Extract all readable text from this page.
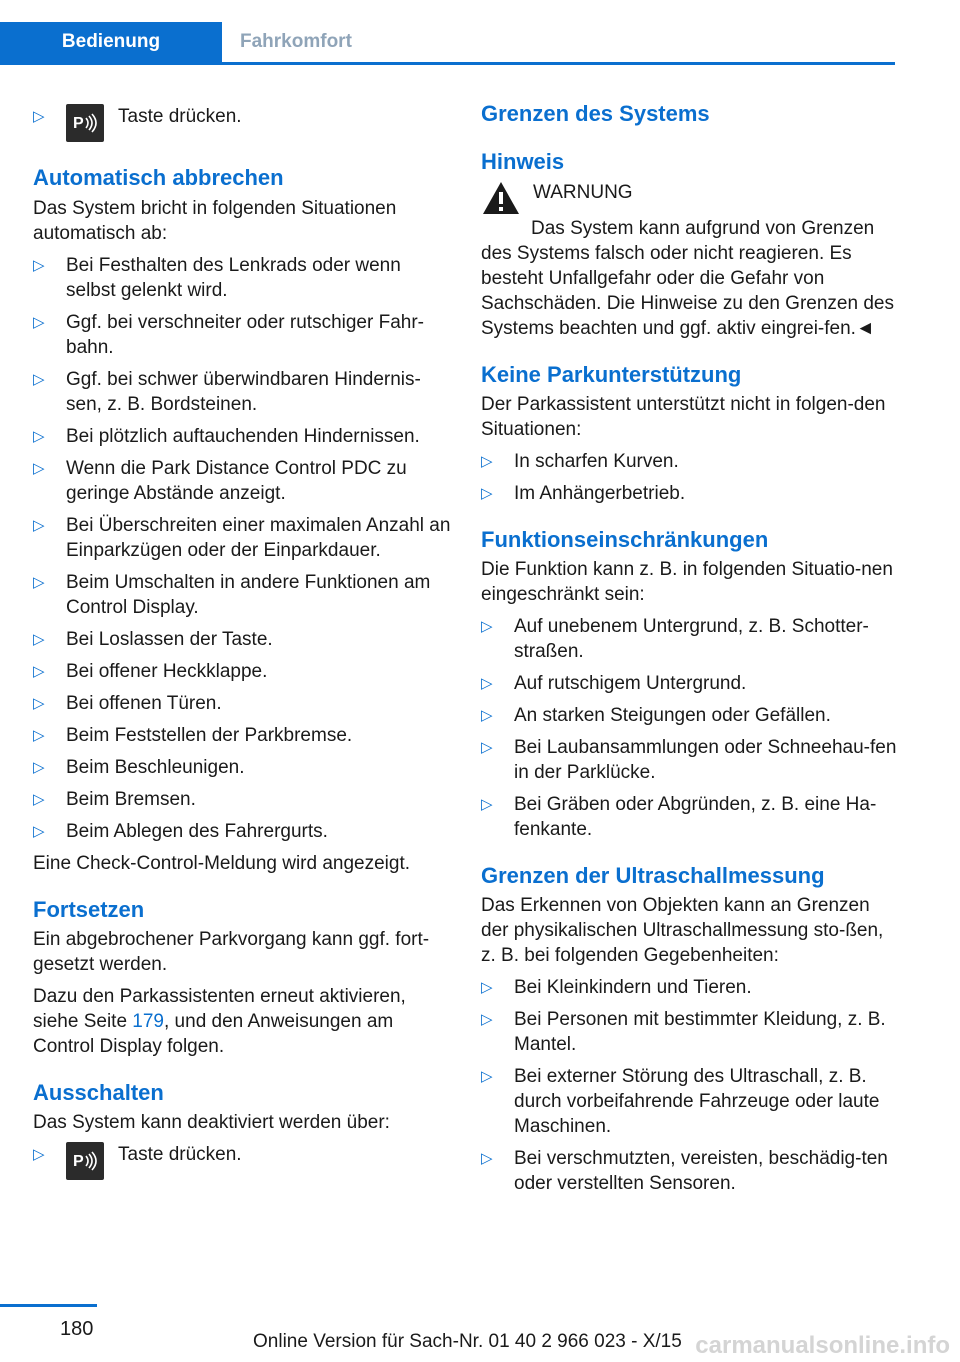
Bedienung	Fahrkomfort
▷ P Taste drücken.
Automatisch abbrechen
Das System bricht in folgenden Situationen automatisch ab:
▷ Bei Festhalten des Lenkrads oder wenn selbst gelenkt wird.
▷ Ggf. bei verschneiter oder rutschiger Fahr‐bahn.
▷ Ggf. bei schwer überwindbaren Hindernis‐sen, z. B. Bordsteinen.
▷ Bei plötzlich auftauchenden Hindernissen.
▷ Wenn die Park Distance Control PDC zu geringe Abstände anzeigt.
▷ Bei Überschreiten einer maximalen Anzahl an Einparkzügen oder der Einparkdauer.
▷ Beim Umschalten in andere Funktionen am Control Display.
▷ Bei Loslassen der Taste.
▷ Bei offener Heckklappe.
▷ Bei offenen Türen.
▷ Beim Feststellen der Parkbremse.
▷ Beim Beschleunigen.
▷ Beim Bremsen.
▷ Beim Ablegen des Fahrergurts.
Eine Check-Control-Meldung wird angezeigt.
Fortsetzen
Ein abgebrochener Parkvorgang kann ggf. fort‐gesetzt werden.
Dazu den Parkassistenten erneut aktivieren, siehe Seite 179, und den Anweisungen am Control Display folgen.
Ausschalten
Das System kann deaktiviert werden über:
▷ P Taste drücken.
Grenzen des Systems
Hinweis
WARNUNG
Das System kann aufgrund von Grenzen des Systems falsch oder nicht reagieren. Es besteht Unfallgefahr oder die Gefahr von Sachschäden. Die Hinweise zu den Grenzen des Systems beachten und ggf. aktiv eingrei‐fen.◄
Keine Parkunterstützung
Der Parkassistent unterstützt nicht in folgen‐den Situationen:
▷ In scharfen Kurven.
▷ Im Anhängerbetrieb.
Funktionseinschränkungen
Die Funktion kann z. B. in folgenden Situatio‐nen eingeschränkt sein:
▷ Auf unebenem Untergrund, z. B. Schotter‐straßen.
▷ Auf rutschigem Untergrund.
▷ An starken Steigungen oder Gefällen.
▷ Bei Laubansammlungen oder Schneehau‐fen in der Parklücke.
▷ Bei Gräben oder Abgründen, z. B. eine Ha‐fenkante.
Grenzen der Ultraschallmessung
Das Erkennen von Objekten kann an Grenzen der physikalischen Ultraschallmessung sto‐ßen, z. B. bei folgenden Gegebenheiten:
▷ Bei Kleinkindern und Tieren.
▷ Bei Personen mit bestimmter Kleidung, z. B. Mantel.
▷ Bei externer Störung des Ultraschall, z. B. durch vorbeifahrende Fahrzeuge oder laute Maschinen.
▷ Bei verschmutzten, vereisten, beschädig‐ten oder verstellten Sensoren.
180
Online Version für Sach-Nr. 01 40 2 966 023 - X/15 carmanualsonline.info
